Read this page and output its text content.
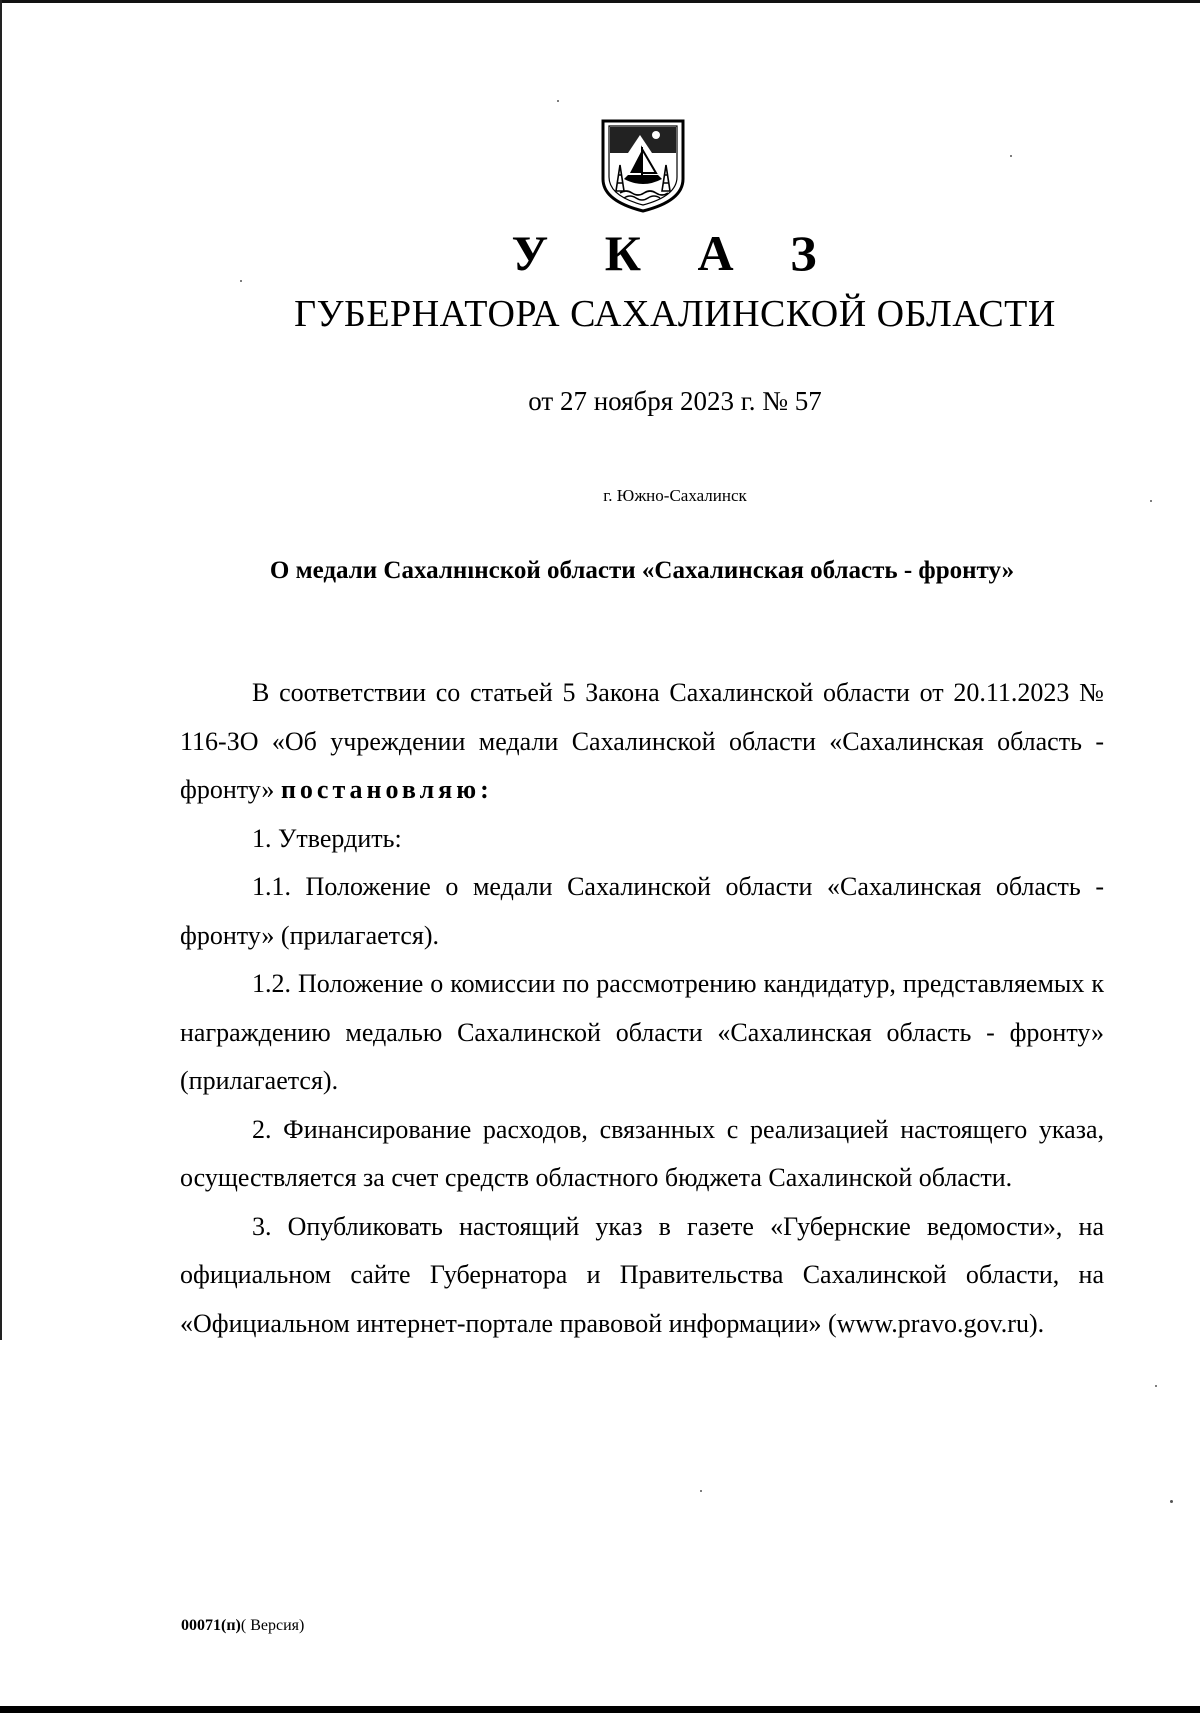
У К А З
ГУБЕРНАТОРА САХАЛИНСКОЙ ОБЛАСТИ
от 27 ноября 2023 г. № 57
г. Южно-Сахалинск
О медали Сахалнıнской области «Сахалинская область - фронту»

В соответствии со статьей 5 Закона Сахалинской области от 20.11.2023 № 116-ЗО «Об учреждении медали Сахалинской области «Сахалинская область - фронту» постановляю:

1. Утвердить:

1.1. Положение о медали Сахалинской области «Сахалинская область - фронту» (прилагается).

1.2. Положение о комиссии по рассмотрению кандидатур, представляемых к награждению медалью Сахалинской области «Сахалинская область - фронту» (прилагается).

2. Финансирование расходов, связанных с реализацией настоящего указа, осуществляется за счет средств областного бюджета Сахалинской области.

3. Опубликовать настоящий указ в газете «Губернские ведомости», на официальном сайте Губернатора и Правительства Сахалинской области, на «Официальном интернет-портале правовой информации» (www.pravo.gov.ru).

00071(п)( Версия)
